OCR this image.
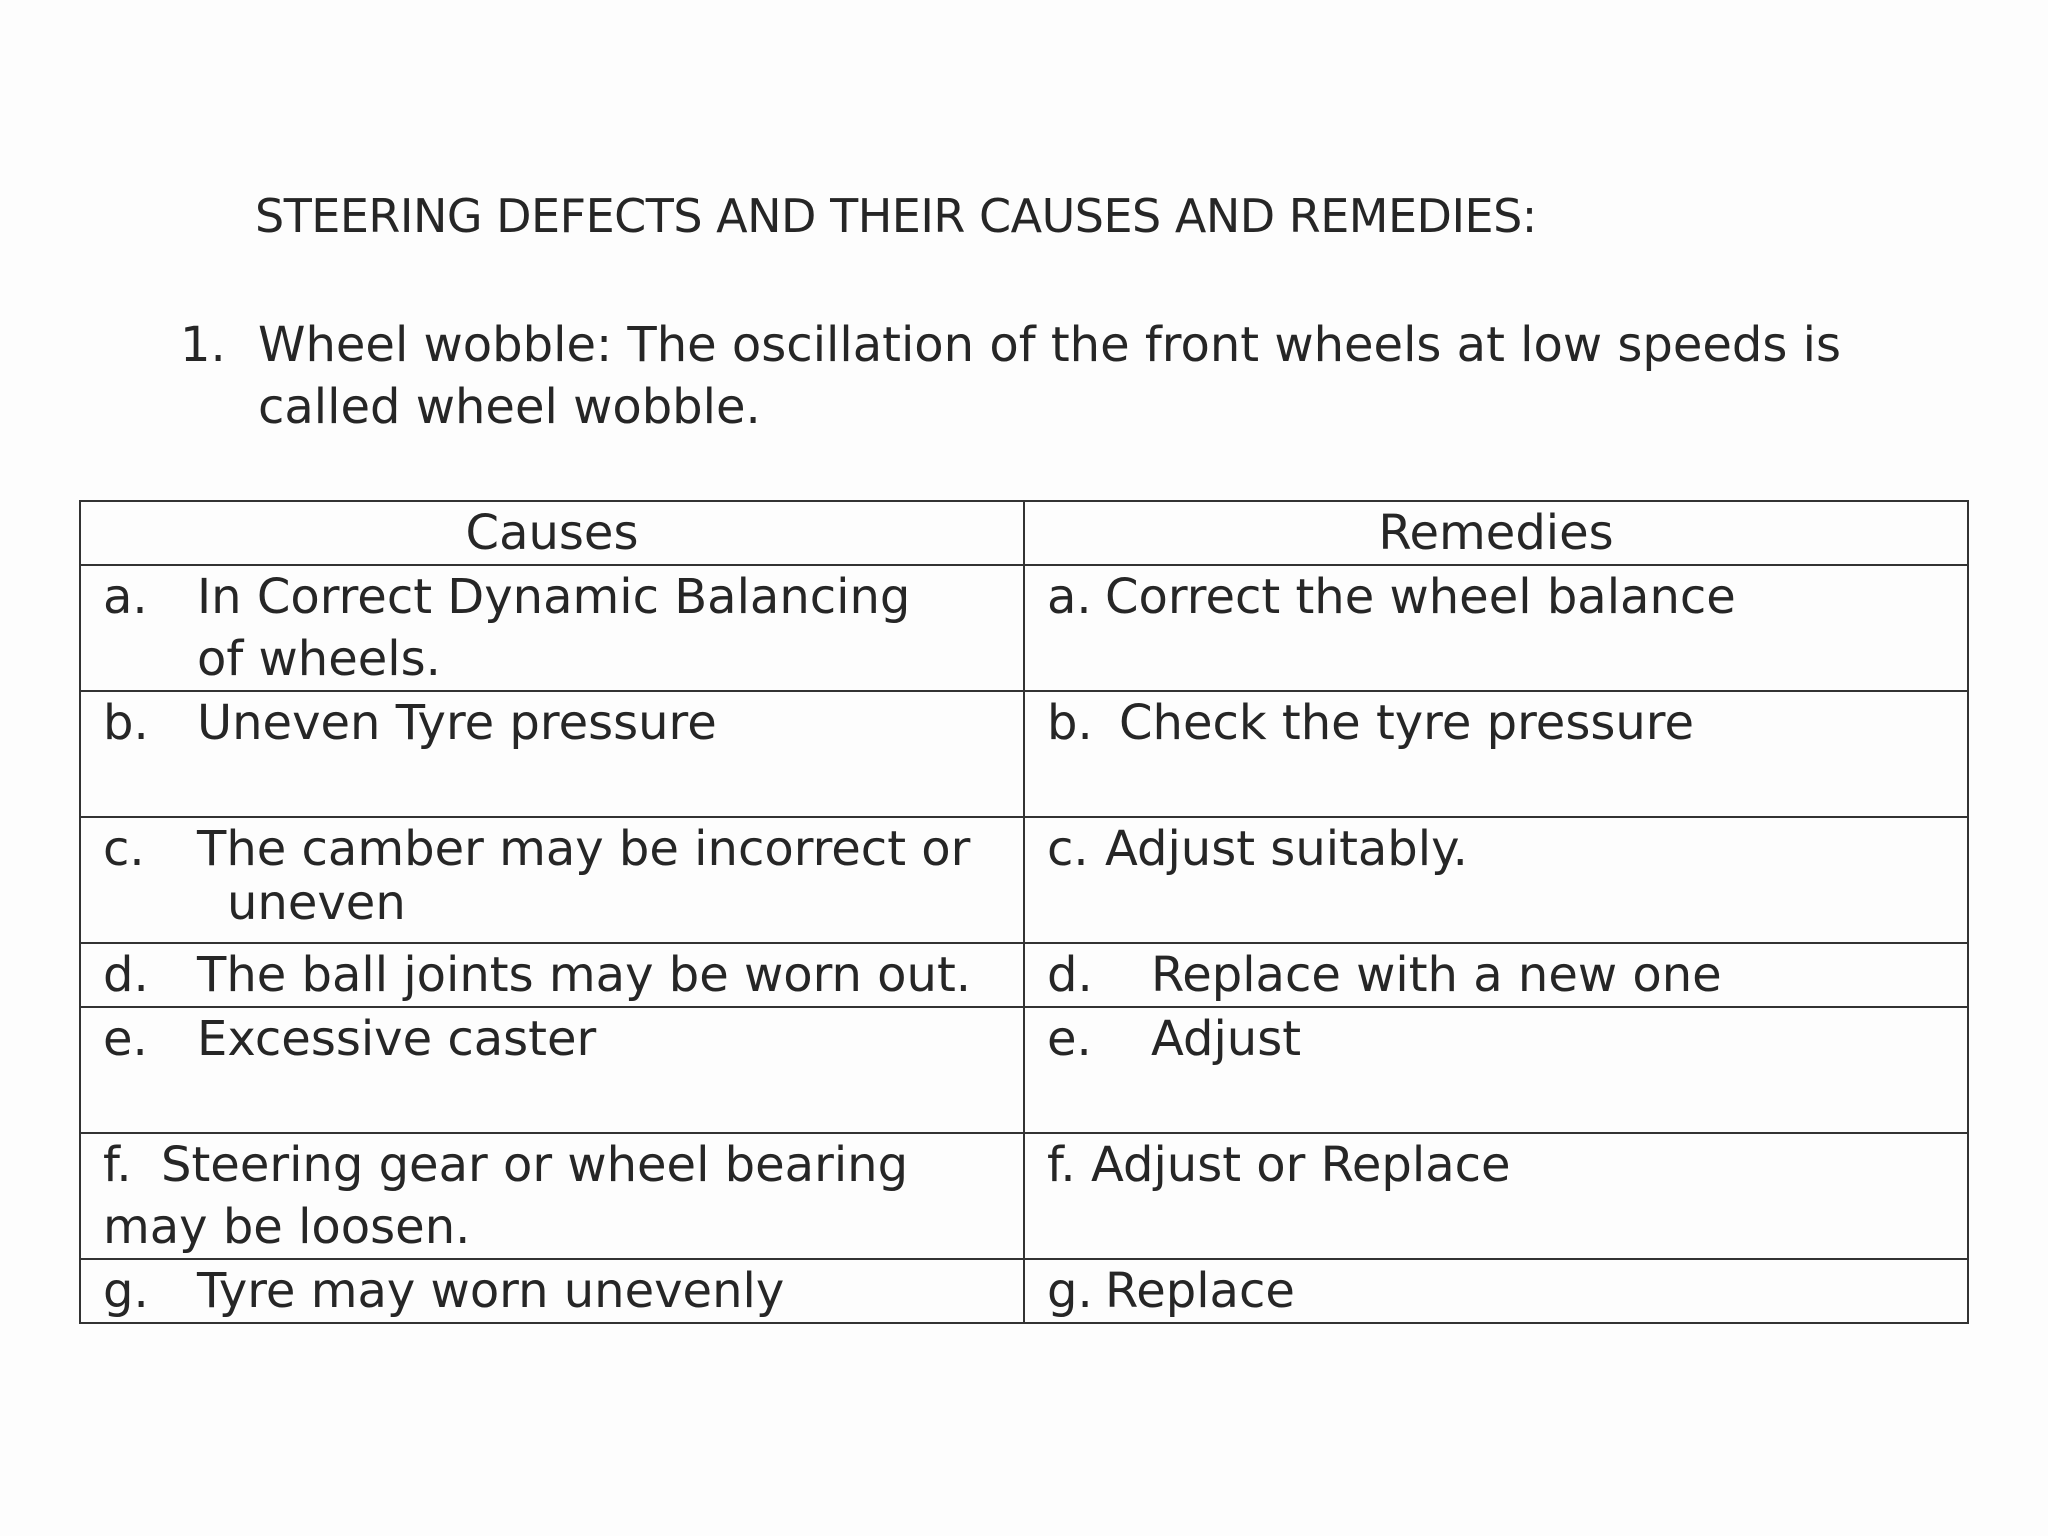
STEERING DEFECTS AND THEIR CAUSES AND REMEDIES:
1. Wheel wobble: The oscillation of the front wheels at low speeds is
called wheel wobble.
Causes	Remedies

a. In Correct Dynamic Balancing
of wheels.	a. Correct the wheel balance

b. Uneven Tyre pressure	b. Check the tyre pressure

c. The camber may be incorrect or
uneven	c. Adjust suitably.

d. The ball joints may be worn out.	d. Replace with a new one

e. Excessive caster	e. Adjust

f. Steering gear or wheel bearing
may be loosen.	f. Adjust or Replace

g. Tyre may worn unevenly	g. Replace
